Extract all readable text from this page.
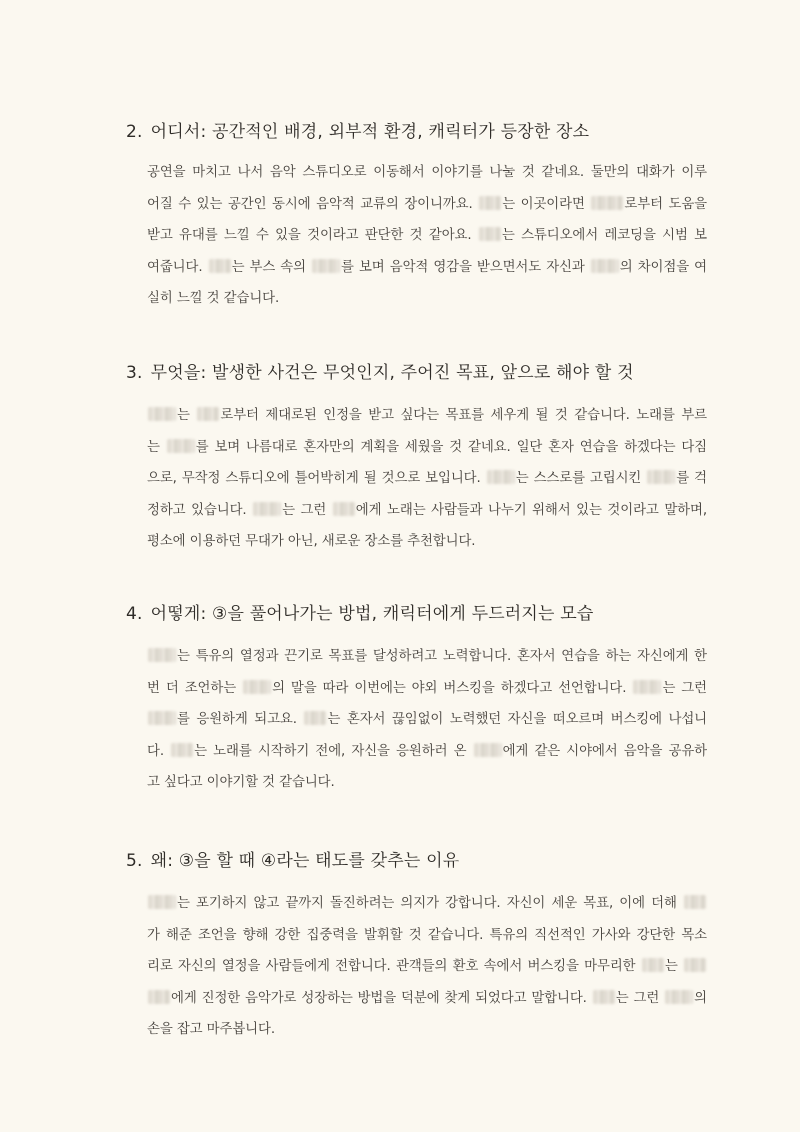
2. 어디서: 공간적인 배경, 외부적 환경, 캐릭터가 등장한 장소
공연을 마치고 나서 음악 스튜디오로 이동해서 이야기를 나눌 것 같네요. 둘만의 대화가 이루
어질 수 있는 공간인 동시에 음악적 교류의 장이니까요. 는 이곳이라면	로부터 도움을
받고 유대를 느낄 수 있을 것이라고 판단한 것 같아요. 는 스튜디오에서 레코딩을 시범 보
여줍니다. 는 부스 속의 를 보며 음악적 영감을 받으면서도 자신과 의 차이점을 여
실히 느낄 것 같습니다.
3. 무엇을: 발생한 사건은 무엇인지, 주어진 목표, 앞으로 해야 할 것
는 로부터 제대로된 인정을 받고 싶다는 목표를 세우게 될 것 같습니다. 노래를 부르
는 를 보며 나름대로 혼자만의 계획을 세웠을 것 같네요. 일단 혼자 연습을 하겠다는 다짐
으로, 무작정 스튜디오에 틀어박히게 될 것으로 보입니다. 는 스스로를 고립시킨 를 걱
정하고 있습니다. 는 그런 에게 노래는 사람들과 나누기 위해서 있는 것이라고 말하며,
평소에 이용하던 무대가 아닌, 새로운 장소를 추천합니다.
4. 어떻게: ③을 풀어나가는 방법, 캐릭터에게 두드러지는 모습
는 특유의 열정과 끈기로 목표를 달성하려고 노력합니다. 혼자서 연습을 하는 자신에게 한
번 더 조언하는 의 말을 따라 이번에는 야외 버스킹을 하겠다고 선언합니다. 는 그런
를 응원하게 되고요. 는 혼자서 끊임없이 노력했던 자신을 떠오르며 버스킹에 나섭니
다. 는 노래를 시작하기 전에, 자신을 응원하러 온 에게 같은 시야에서 음악을 공유하
고 싶다고 이야기할 것 같습니다.
5. 왜: ③을 할 때 ④라는 태도를 갖추는 이유
는 포기하지 않고 끝까지 돌진하려는 의지가 강합니다. 자신이 세운 목표, 이에 더해
가 해준 조언을 향해 강한 집중력을 발휘할 것 같습니다. 특유의 직선적인 가사와 강단한 목소
리로 자신의 열정을 사람들에게 전합니다. 관객들의 환호 속에서 버스킹을 마무리한 는
에게 진정한 음악가로 성장하는 방법을 덕분에 찾게 되었다고 말합니다. 는 그런 의
손을 잡고 마주봅니다.
